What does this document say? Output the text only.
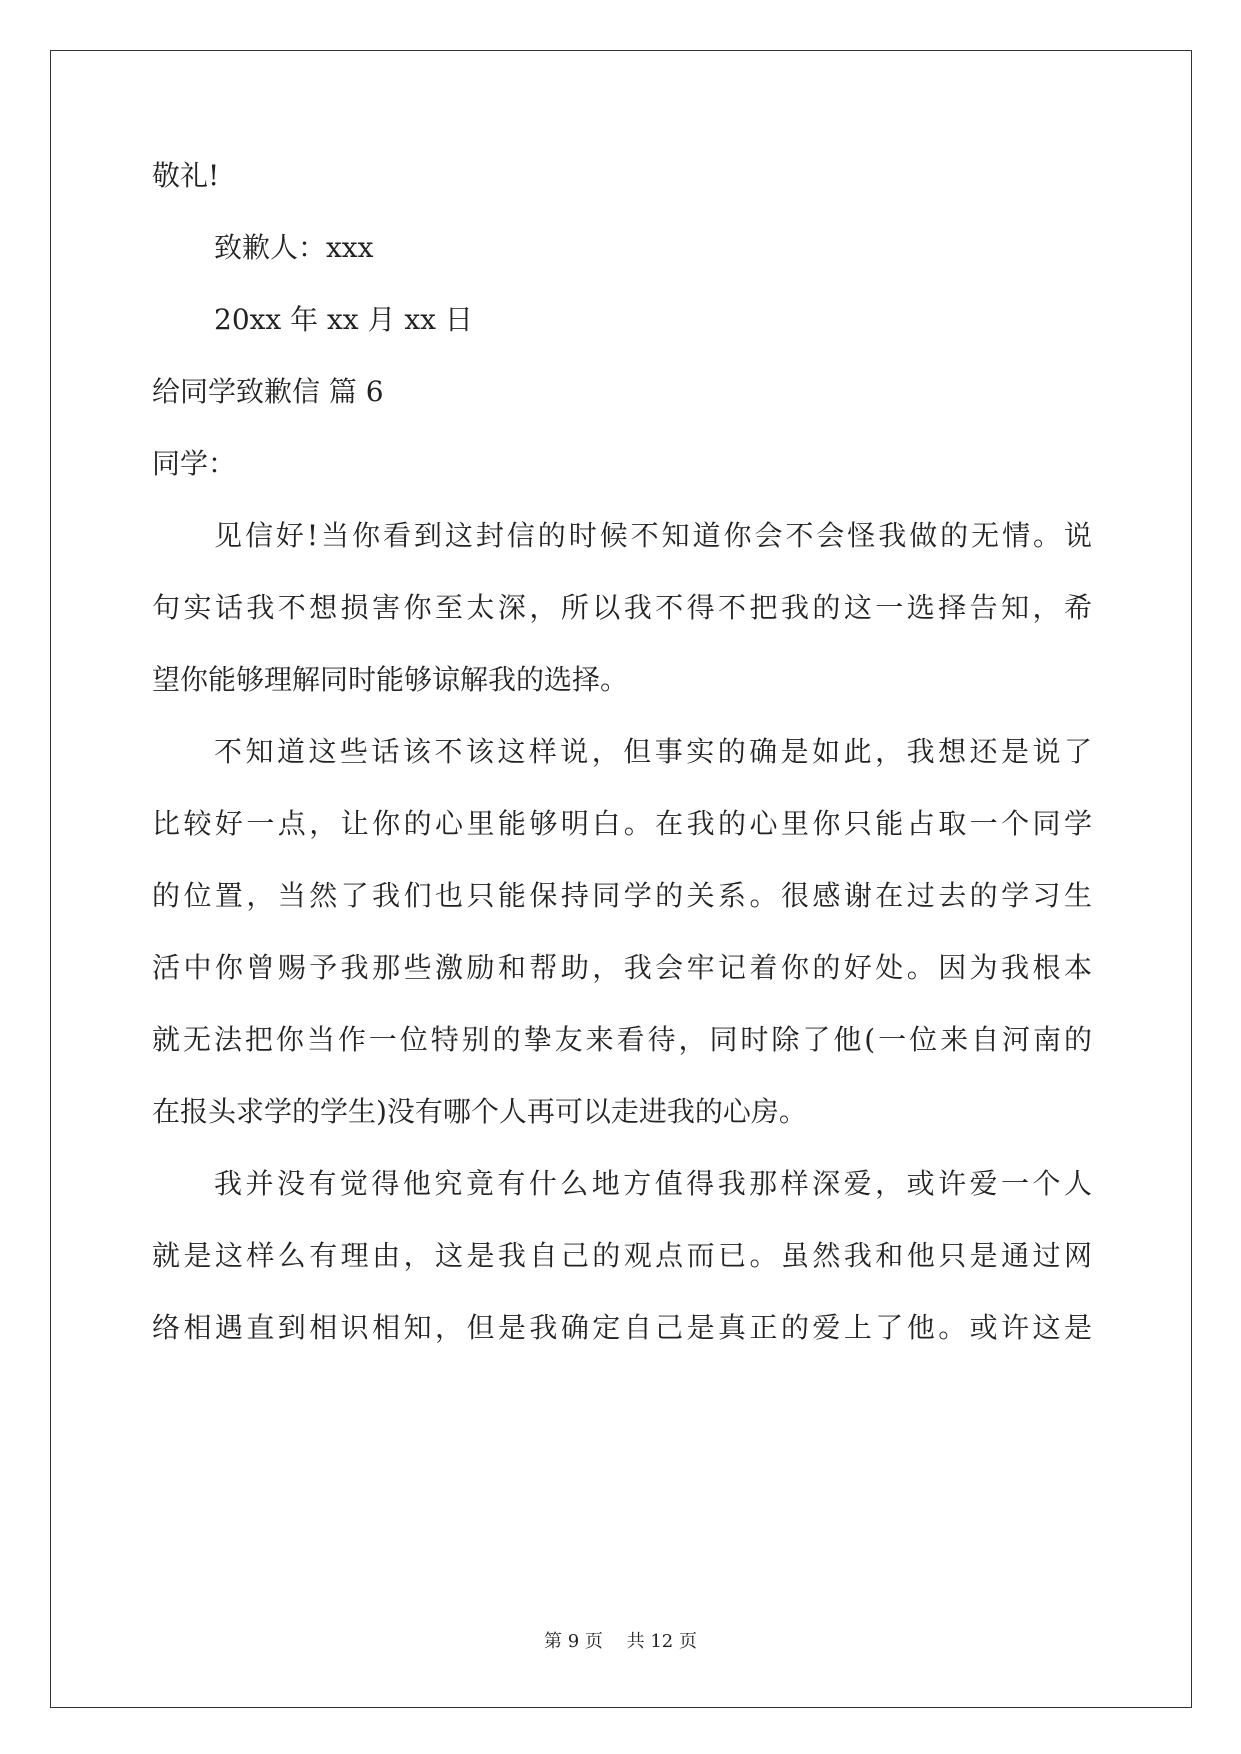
敬礼!
致歉人：xxx
20xx 年 xx 月 xx 日
给同学致歉信 篇 6
同学：
见信好!当你看到这封信的时候不知道你会不会怪我做的无情。说
句实话我不想损害你至太深，所以我不得不把我的这一选择告知，希
望你能够理解同时能够谅解我的选择。
不知道这些话该不该这样说，但事实的确是如此，我想还是说了
比较好一点，让你的心里能够明白。在我的心里你只能占取一个同学
的位置，当然了我们也只能保持同学的关系。很感谢在过去的学习生
活中你曾赐予我那些激励和帮助，我会牢记着你的好处。因为我根本
就无法把你当作一位特别的挚友来看待，同时除了他(一位来自河南的
在报头求学的学生)没有哪个人再可以走进我的心房。
我并没有觉得他究竟有什么地方值得我那样深爱，或许爱一个人
就是这样么有理由，这是我自己的观点而已。虽然我和他只是通过网
络相遇直到相识相知，但是我确定自己是真正的爱上了他。或许这是
第 9 页　 共 12 页
